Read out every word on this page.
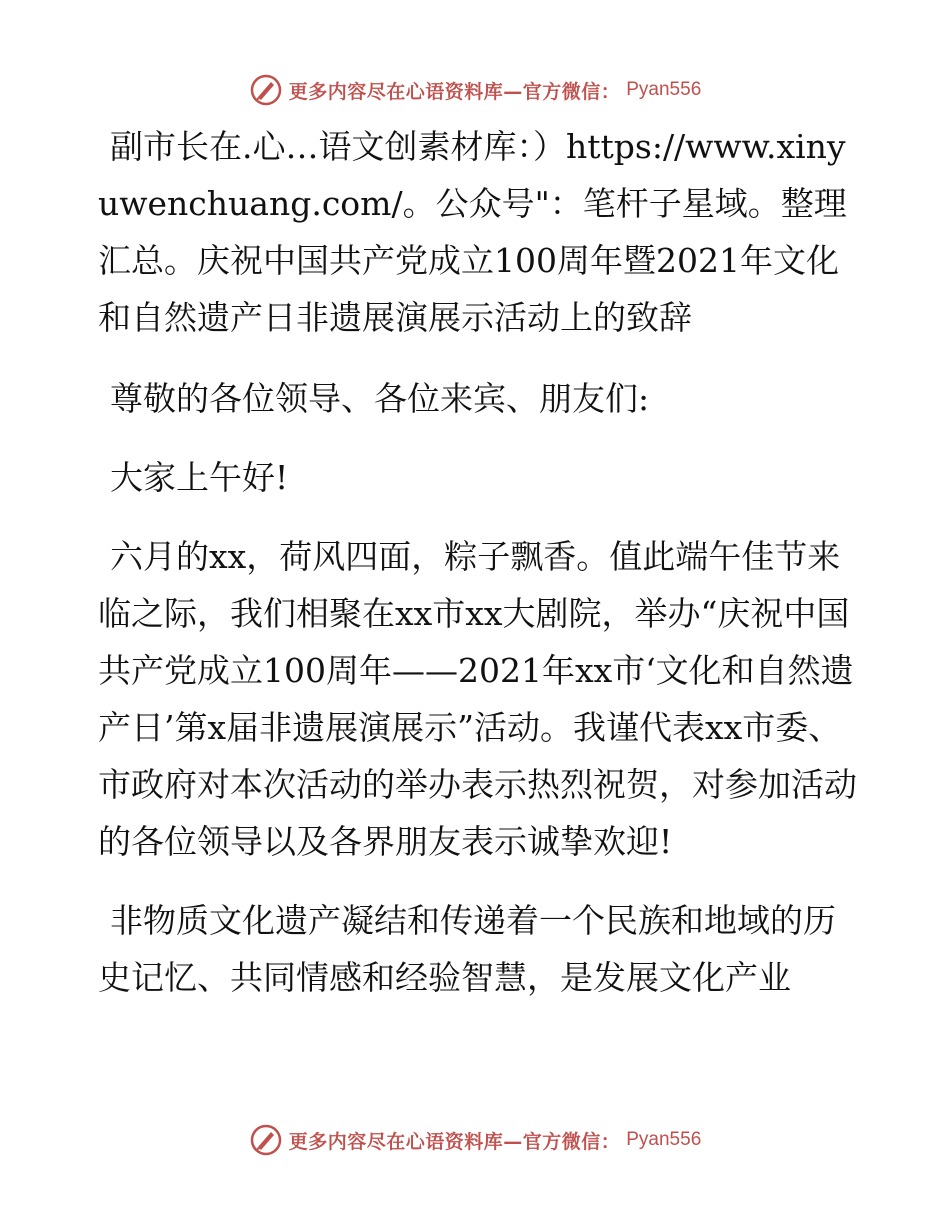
更多内容尽在心语资料库—官方微信： Pyan556

副市长在.心…语文创素材库：）https://www.xinyuwenchuang.com/。公众号"：笔杆子星域。整理汇总。庆祝中国共产党成立100周年暨2021年文化和自然遗产日非遗展演展示活动上的致辞

尊敬的各位领导、各位来宾、朋友们:

大家上午好!

六月的xx，荷风四面，粽子飘香。值此端午佳节来临之际，我们相聚在xx市xx大剧院，举办“庆祝中国共产党成立100周年——2021年xx市‘文化和自然遗产日’第x届非遗展演展示”活动。我谨代表xx市委、市政府对本次活动的举办表示热烈祝贺，对参加活动的各位领导以及各界朋友表示诚挚欢迎!

非物质文化遗产凝结和传递着一个民族和地域的历史记忆、共同情感和经验智慧，是发展文化产业

更多内容尽在心语资料库—官方微信： Pyan556
